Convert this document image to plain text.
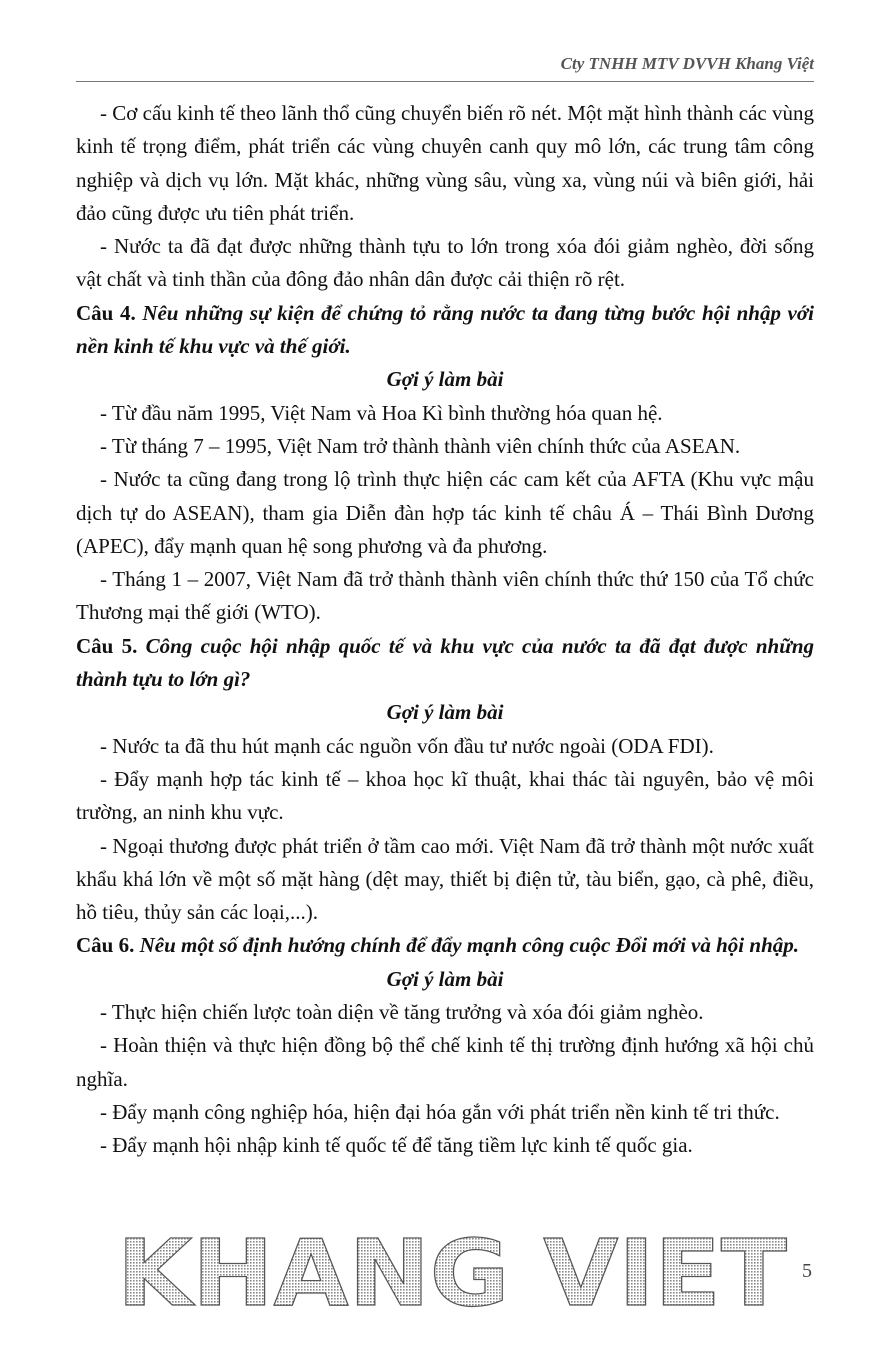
Cty TNHH MTV DVVH Khang Việt

- Cơ cấu kinh tế theo lãnh thổ cũng chuyển biến rõ nét. Một mặt hình thành các vùng kinh tế trọng điểm, phát triển các vùng chuyên canh quy mô lớn, các trung tâm công nghiệp và dịch vụ lớn. Mặt khác, những vùng sâu, vùng xa, vùng núi và biên giới, hải đảo cũng được ưu tiên phát triển.

- Nước ta đã đạt được những thành tựu to lớn trong xóa đói giảm nghèo, đời sống vật chất và tinh thần của đông đảo nhân dân được cải thiện rõ rệt.

Câu 4. Nêu những sự kiện để chứng tỏ rằng nước ta đang từng bước hội nhập với nền kinh tế khu vực và thế giới.

Gợi ý làm bài

- Từ đầu năm 1995, Việt Nam và Hoa Kì bình thường hóa quan hệ.

- Từ tháng 7 – 1995, Việt Nam trở thành thành viên chính thức của ASEAN.

- Nước ta cũng đang trong lộ trình thực hiện các cam kết của AFTA (Khu vực mậu dịch tự do ASEAN), tham gia Diễn đàn hợp tác kinh tế châu Á – Thái Bình Dương (APEC), đẩy mạnh quan hệ song phương và đa phương.

- Tháng 1 – 2007, Việt Nam đã trở thành thành viên chính thức thứ 150 của Tổ chức Thương mại thế giới (WTO).

Câu 5. Công cuộc hội nhập quốc tế và khu vực của nước ta đã đạt được những thành tựu to lớn gì?

Gợi ý làm bài

- Nước ta đã thu hút mạnh các nguồn vốn đầu tư nước ngoài (ODA FDI).

- Đẩy mạnh hợp tác kinh tế – khoa học kĩ thuật, khai thác tài nguyên, bảo vệ môi trường, an ninh khu vực.

- Ngoại thương được phát triển ở tầm cao mới. Việt Nam đã trở thành một nước xuất khẩu khá lớn về một số mặt hàng (dệt may, thiết bị điện tử, tàu biển, gạo, cà phê, điều, hồ tiêu, thủy sản các loại,...).

Câu 6. Nêu một số định hướng chính để đẩy mạnh công cuộc Đổi mới và hội nhập.

Gợi ý làm bài

- Thực hiện chiến lược toàn diện về tăng trưởng và xóa đói giảm nghèo.

- Hoàn thiện và thực hiện đồng bộ thể chế kinh tế thị trường định hướng xã hội chủ nghĩa.

- Đẩy mạnh công nghiệp hóa, hiện đại hóa gắn với phát triển nền kinh tế tri thức.

- Đẩy mạnh hội nhập kinh tế quốc tế để tăng tiềm lực kinh tế quốc gia.

KHANG VIET 5
